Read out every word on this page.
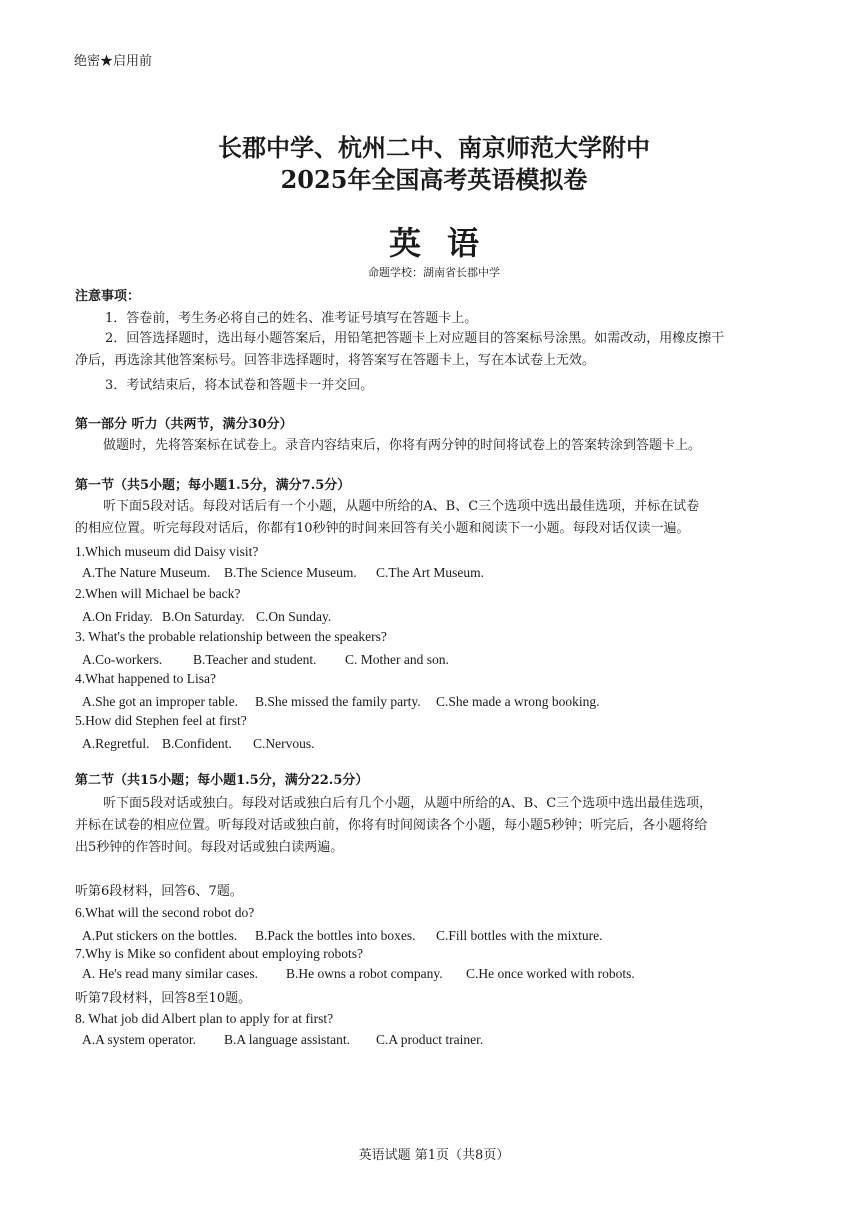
绝密★启用前
长郡中学、杭州二中、南京师范大学附中
2025年全国高考英语模拟卷
英语
命题学校：湖南省长郡中学
注意事项：
1．答卷前，考生务必将自己的姓名、准考证号填写在答题卡上。
2．回答选择题时，选出每小题答案后，用铅笔把答题卡上对应题目的答案标号涂黑。如需改动，用橡皮擦干
净后，再选涂其他答案标号。回答非选择题时，将答案写在答题卡上，写在本试卷上无效。
3．考试结束后，将本试卷和答题卡一并交回。
第一部分 听力（共两节，满分30分）
做题时，先将答案标在试卷上。录音内容结束后，你将有两分钟的时间将试卷上的答案转涂到答题卡上。
第一节（共5小题；每小题1.5分，满分7.5分）
听下面5段对话。每段对话后有一个小题，从题中所给的A、B、C三个选项中选出最佳选项，并标在试卷
的相应位置。听完每段对话后，你都有10秒钟的时间来回答有关小题和阅读下一小题。每段对话仅读一遍。
1.Which museum did Daisy visit?
A.The Nature Museum. B.The Science Museum. C.The Art Museum.
2.When will Michael be back?
A.On Friday. B.On Saturday. C.On Sunday.
3. What's the probable relationship between the speakers?
A.Co-workers. B.Teacher and student. C. Mother and son.
4.What happened to Lisa?
A.She got an improper table. B.She missed the family party. C.She made a wrong booking.
5.How did Stephen feel at first?
A.Regretful. B.Confident. C.Nervous.
第二节（共15小题；每小题1.5分，满分22.5分）
听下面5段对话或独白。每段对话或独白后有几个小题，从题中所给的A、B、C三个选项中选出最佳选项，
并标在试卷的相应位置。听每段对话或独白前，你将有时间阅读各个小题，每小题5秒钟；听完后，各小题将给
出5秒钟的作答时间。每段对话或独白读两遍。
听第6段材料，回答6、7题。
6.What will the second robot do?
A.Put stickers on the bottles. B.Pack the bottles into boxes. C.Fill bottles with the mixture.
7.Why is Mike so confident about employing robots?
A. He's read many similar cases. B.He owns a robot company. C.He once worked with robots.
听第7段材料，回答8至10题。
8. What job did Albert plan to apply for at first?
A.A system operator. B.A language assistant. C.A product trainer.
英语试题 第1页（共8页）
